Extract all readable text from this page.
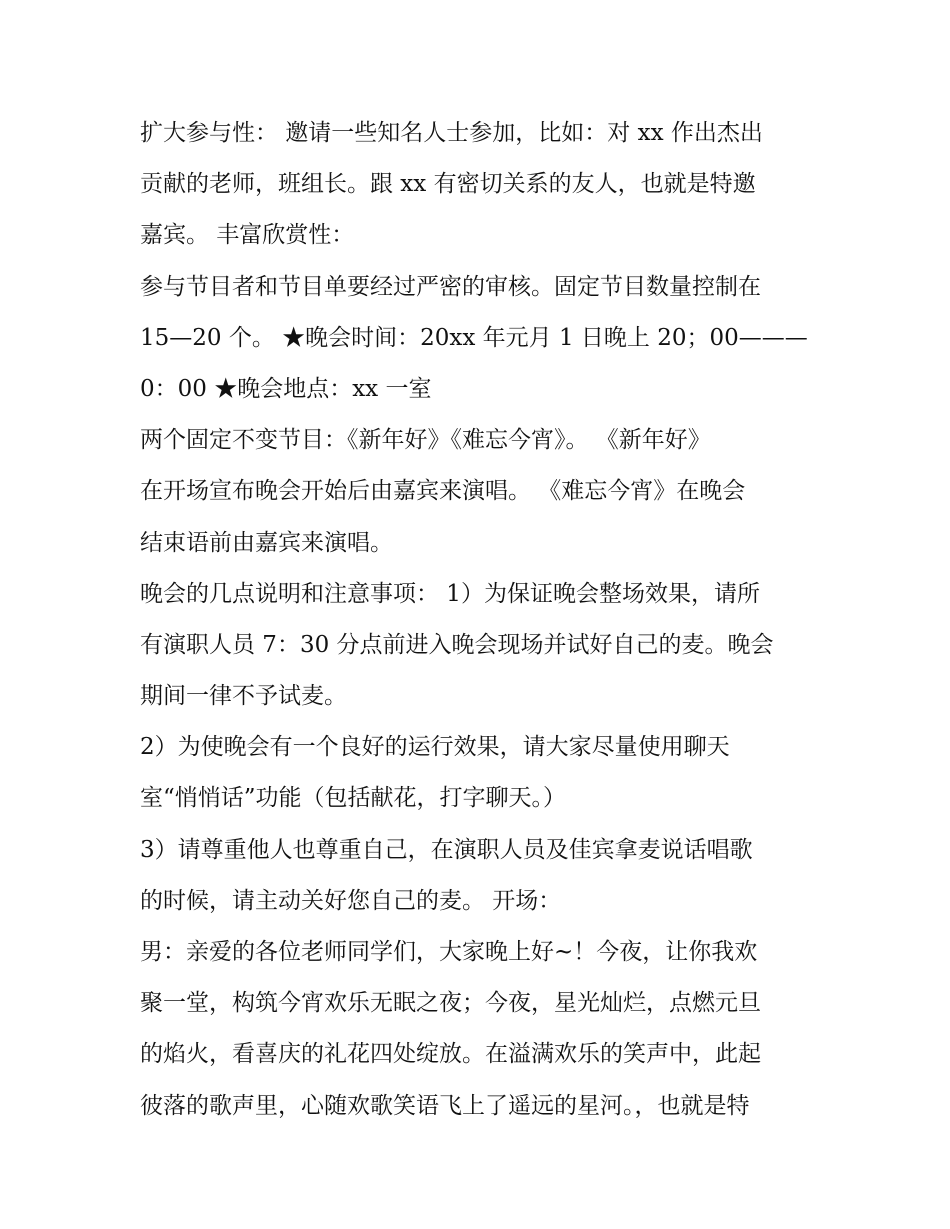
扩大参与性： 邀请一些知名人士参加，比如：对 xx 作出杰出
贡献的老师，班组长。跟 xx 有密切关系的友人，也就是特邀
嘉宾。 丰富欣赏性：
参与节目者和节目单要经过严密的审核。固定节目数量控制在
15—20 个。 ★晚会时间：20xx 年元月 1 日晚上 20；00———
0：00 ★晚会地点：xx 一室
两个固定不变节目：《新年好》《难忘今宵》。 《新年好》
在开场宣布晚会开始后由嘉宾来演唱。 《难忘今宵》在晚会
结束语前由嘉宾来演唱。
晚会的几点说明和注意事项： 1）为保证晚会整场效果，请所
有演职人员 7：30 分点前进入晚会现场并试好自己的麦。晚会
期间一律不予试麦。
2）为使晚会有一个良好的运行效果，请大家尽量使用聊天
室“悄悄话”功能（包括献花，打字聊天。）
3）请尊重他人也尊重自己，在演职人员及佳宾拿麦说话唱歌
的时候，请主动关好您自己的麦。 开场：
男：亲爱的各位老师同学们，大家晚上好~！今夜，让你我欢
聚一堂，构筑今宵欢乐无眠之夜；今夜，星光灿烂，点燃元旦
的焰火，看喜庆的礼花四处绽放。在溢满欢乐的笑声中，此起
彼落的歌声里，心随欢歌笑语飞上了遥远的星河。，也就是特
